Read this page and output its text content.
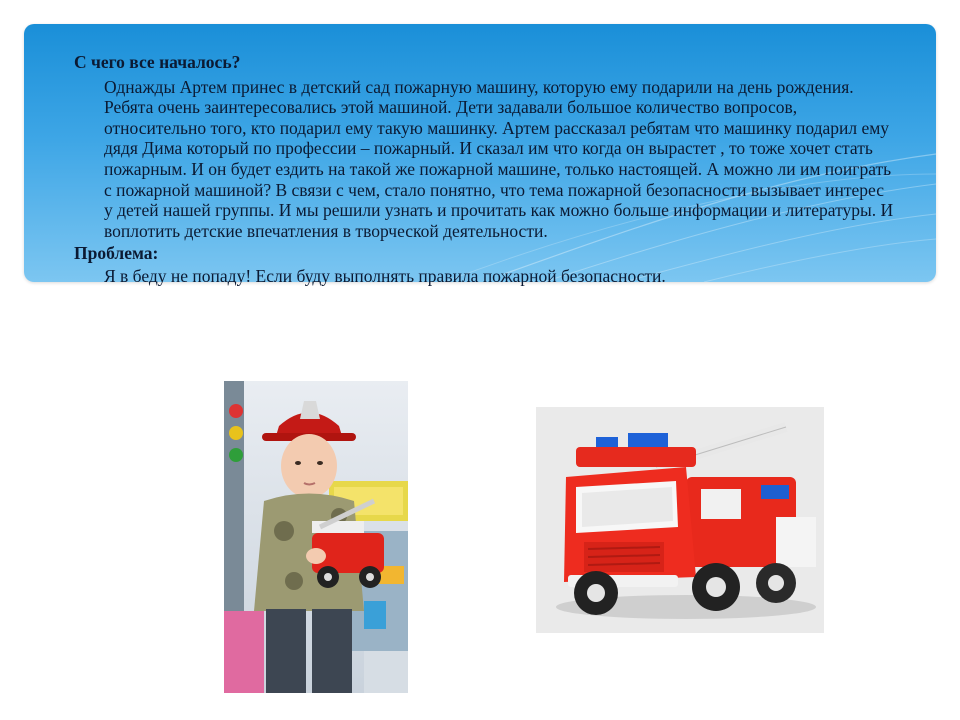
С чего все началось?

Однажды Артем принес в детский сад пожарную машину, которую ему подарили на день рождения. Ребята очень заинтересовались этой машиной. Дети задавали большое количество вопросов, относительно того, кто подарил ему такую машинку. Артем рассказал ребятам что машинку подарил ему дядя Дима который по профессии – пожарный. И сказал им что когда он вырастет , то тоже хочет стать пожарным. И он будет ездить на такой же пожарной машине, только настоящей. А можно ли им поиграть с пожарной машиной? В связи с чем, стало понятно, что тема пожарной безопасности вызывает интерес у детей нашей группы. И мы решили узнать и прочитать как можно больше информации и литературы. И воплотить детские впечатления в творческой деятельности.

Проблема:

Я в беду не попаду! Если буду выполнять правила пожарной безопасности.
